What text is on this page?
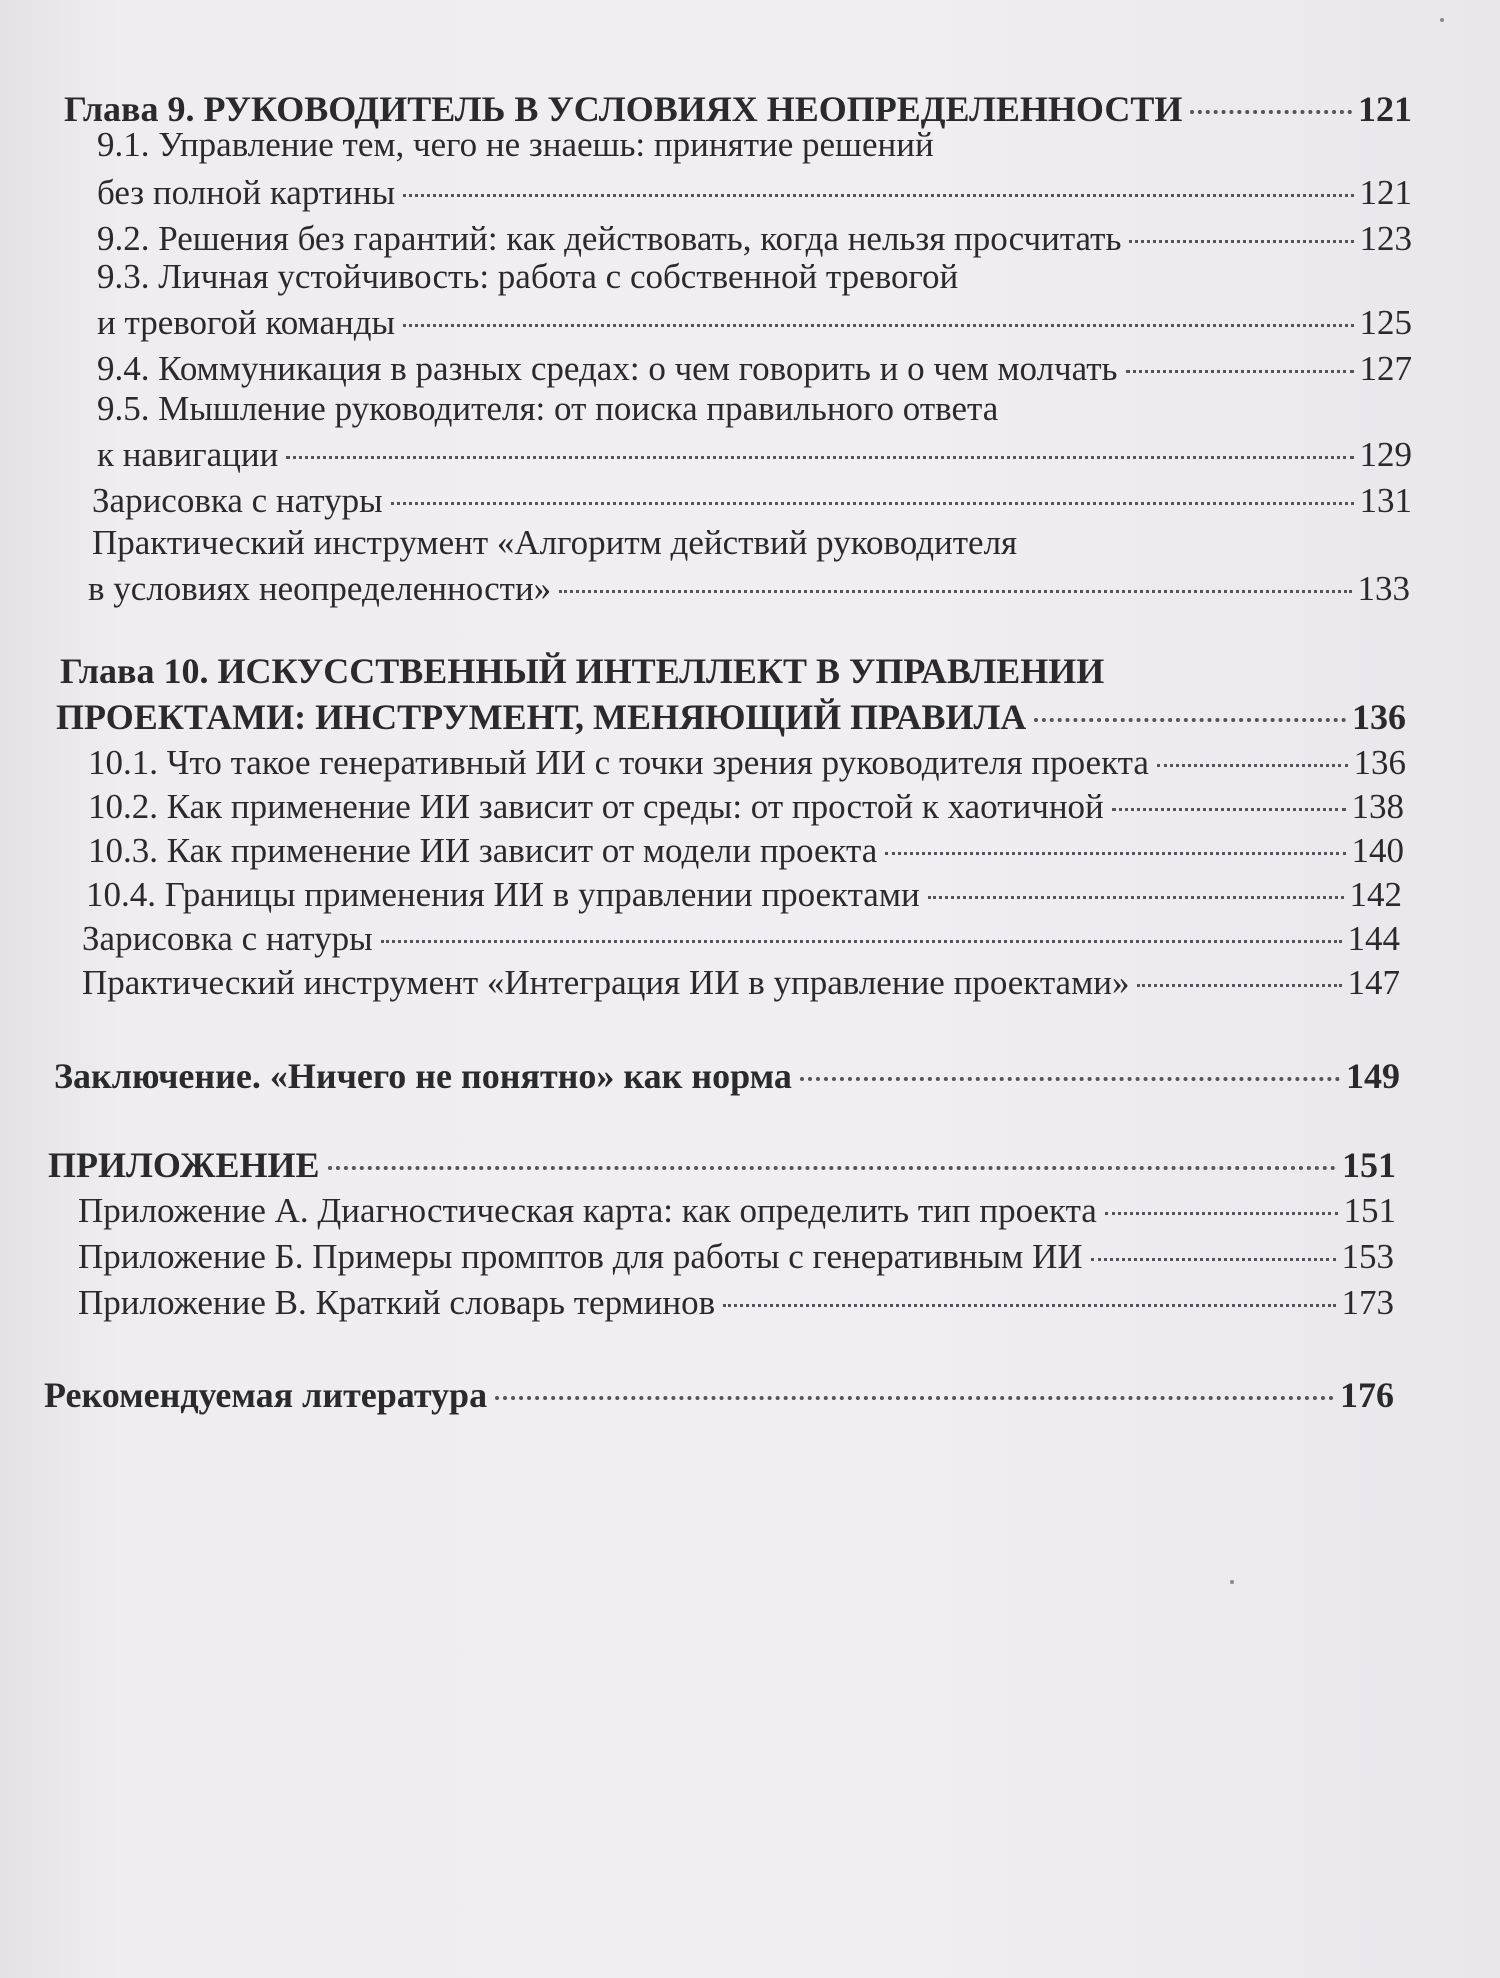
Глава 9. РУКОВОДИТЕЛЬ В УСЛОВИЯХ НЕОПРЕДЕЛЕННОСТИ	121
9.1. Управление тем, чего не знаешь: принятие решений
без полной картины	121
9.2. Решения без гарантий: как действовать, когда нельзя просчитать	123
9.3. Личная устойчивость: работа с собственной тревогой
и тревогой команды	125
9.4. Коммуникация в разных средах: о чем говорить и о чем молчать	127
9.5. Мышление руководителя: от поиска правильного ответа
к навигации	129
Зарисовка с натуры	131
Практический инструмент «Алгоритм действий руководителя
в условиях неопределенности»	133
Глава 10. ИСКУССТВЕННЫЙ ИНТЕЛЛЕКТ В УПРАВЛЕНИИ
ПРОЕКТАМИ: ИНСТРУМЕНТ, МЕНЯЮЩИЙ ПРАВИЛА	136
10.1. Что такое генеративный ИИ с точки зрения руководителя проекта	136
10.2. Как применение ИИ зависит от среды: от простой к хаотичной	138
10.3. Как применение ИИ зависит от модели проекта	140
10.4. Границы применения ИИ в управлении проектами	142
Зарисовка с натуры	144
Практический инструмент «Интеграция ИИ в управление проектами»	147
Заключение. «Ничего не понятно» как норма	149
ПРИЛОЖЕНИЕ	151
Приложение А. Диагностическая карта: как определить тип проекта	151
Приложение Б. Примеры промптов для работы с генеративным ИИ	153
Приложение В. Краткий словарь терминов	173
Рекомендуемая литература	176
